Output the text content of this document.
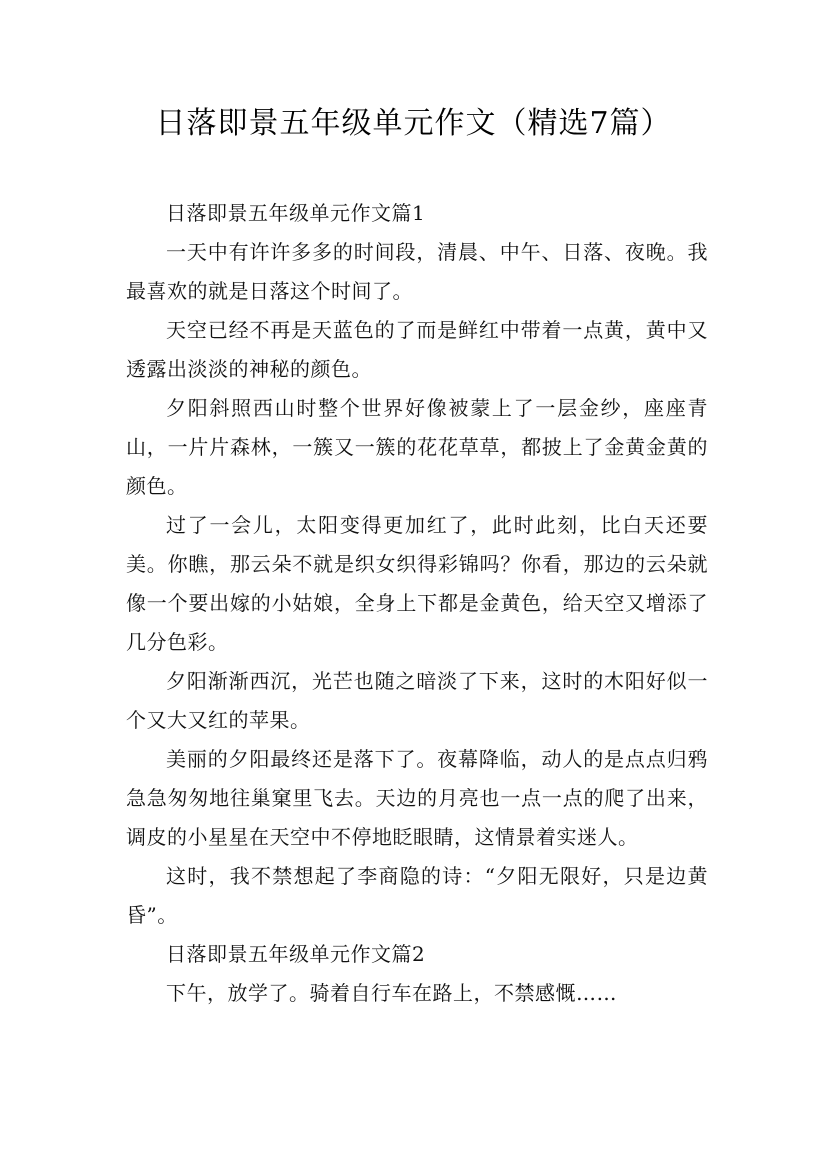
日落即景五年级单元作文（精选7篇）

日落即景五年级单元作文篇1

一天中有许许多多的时间段，清晨、中午、日落、夜晚。我最喜欢的就是日落这个时间了。

天空已经不再是天蓝色的了而是鲜红中带着一点黄，黄中又透露出淡淡的神秘的颜色。

夕阳斜照西山时整个世界好像被蒙上了一层金纱，座座青山，一片片森林，一簇又一簇的花花草草，都披上了金黄金黄的颜色。

过了一会儿，太阳变得更加红了，此时此刻，比白天还要美。你瞧，那云朵不就是织女织得彩锦吗？你看，那边的云朵就像一个要出嫁的小姑娘，全身上下都是金黄色，给天空又增添了几分色彩。

夕阳渐渐西沉，光芒也随之暗淡了下来，这时的木阳好似一个又大又红的苹果。

美丽的夕阳最终还是落下了。夜幕降临，动人的是点点归鸦急急匆匆地往巢窠里飞去。天边的月亮也一点一点的爬了出来，调皮的小星星在天空中不停地眨眼睛，这情景着实迷人。

这时，我不禁想起了李商隐的诗：“夕阳无限好，只是边黄昏”。

日落即景五年级单元作文篇2

下午，放学了。骑着自行车在路上，不禁感慨……
